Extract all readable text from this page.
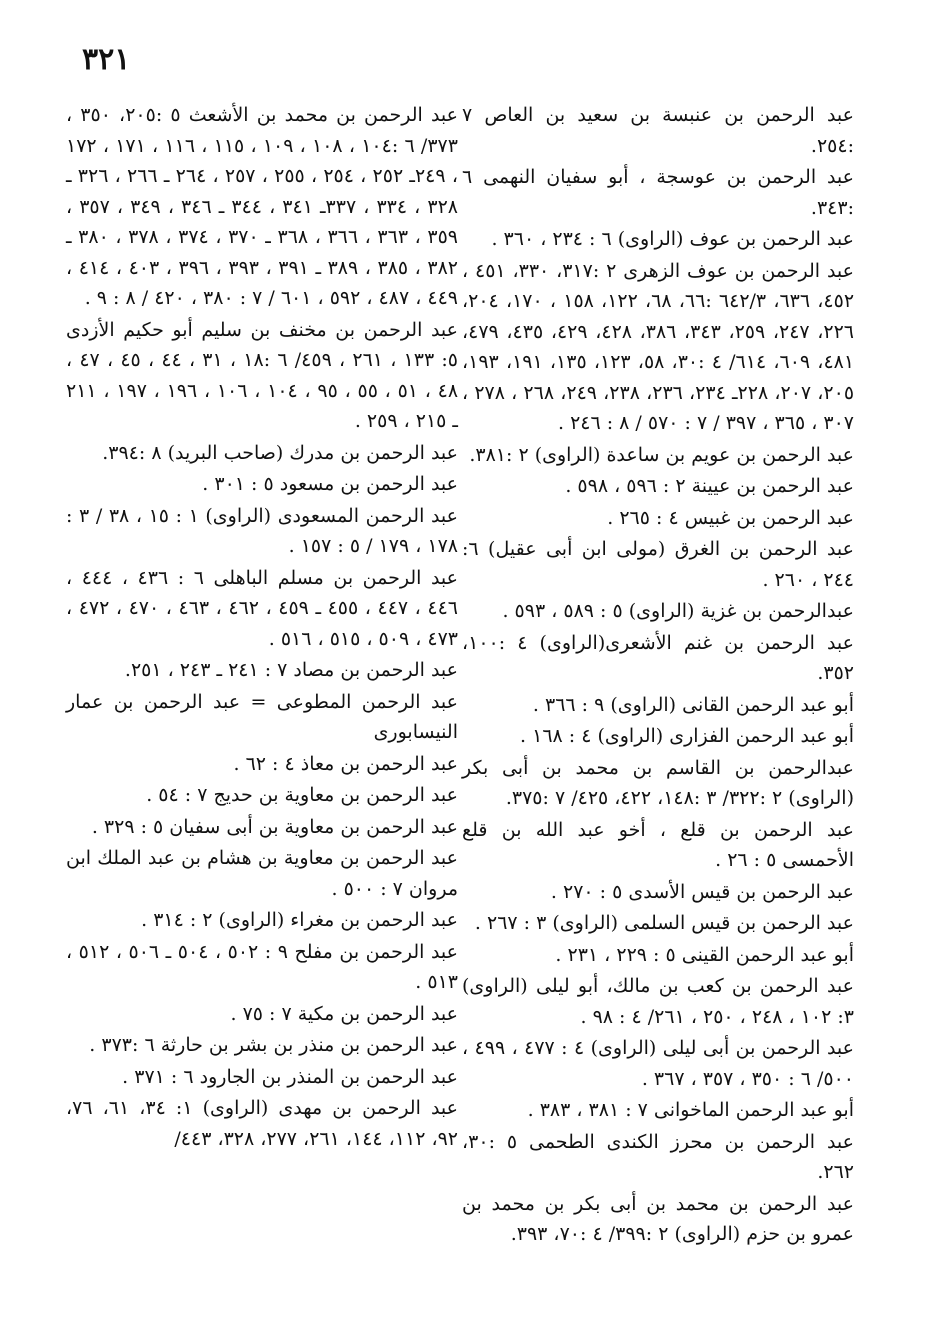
٣٢١

عبد الرحمن بن عنبسة بن سعيد بن العاص ٧ :٢٥٤.

عبد الرحمن بن عوسجة ، أبو سفيان النهمى ٦ :٣٤٣.

عبد الرحمن بن عوف (الراوى) ٦ : ٢٣٤ ، ٣٦٠ .

عبد الرحمن بن عوف الزهرى ٢ :٣١٧، ٣٣٠، ٤٥١ ، ٤٥٢، ٦٣٦، ٦٤٢/٣ :٦٦، ٦٨، ١٢٢، ١٥٨ ، ١٧٠، ٢٠٤، ٢٢٦، ٢٤٧، ٢٥٩، ٣٤٣، ٣٨٦، ٤٢٨، ٤٢٩، ٤٣٥، ٤٧٩، ٤٨١، ٦٠٩، ٦١٤/ ٤ :٣٠، ٥٨، ١٢٣، ١٣٥، ١٩١، ١٩٣، ٢٠٥، ٢٠٧، ٢٢٨ـ ٢٣٤، ٢٣٦، ٢٣٨، ٢٤٩، ٢٦٨ ، ٢٧٨ ، ٣٠٧ ، ٣٦٥ ، ٣٩٧ / ٧ : ٥٧٠ / ٨ : ٢٤٦ .

عبد الرحمن بن عويم بن ساعدة (الراوى) ٢ :٣٨١.

عبد الرحمن بن عيينة ٢ : ٥٩٦ ، ٥٩٨ .

عبد الرحمن بن غبيس ٤ : ٢٦٥ .

عبد الرحمن بن الغرق (مولى ابن أبى عقيل) ٦: ٢٤٤ ، ٢٦٠ .

عبدالرحمن بن غزية (الراوى) ٥ : ٥٨٩ ، ٥٩٣ .

عبد الرحمن بن غنم الأشعرى(الراوى) ٤ :١٠٠، ٣٥٢.

أبو عبد الرحمن القانى (الراوى) ٩ : ٣٦٦ .

أبو عبد الرحمن الفزارى (الراوى) ٤ : ١٦٨ .

عبدالرحمن بن القاسم بن محمد بن أبى بكر (الراوى) ٢ :٣٢٢/ ٣ :١٤٨، ٤٢٢، ٤٢٥/ ٧ :٣٧٥.

عبد الرحمن بن قلع ، أخو عبد الله بن قلع الأحمسى ٥ : ٢٦ .

عبد الرحمن بن قيس الأسدى ٥ : ٢٧٠ .

عبد الرحمن بن قيس السلمى (الراوى) ٣ : ٢٦٧ .

أبو عبد الرحمن القينى ٥ : ٢٢٩ ، ٢٣١ .

عبد الرحمن بن كعب بن مالك، أبو ليلى (الراوى) ٣: ١٠٢ ، ٢٤٨ ، ٢٥٠ ، ٢٦١/ ٤ : ٩٨ .

عبد الرحمن بن أبى ليلى (الراوى) ٤ : ٤٧٧ ، ٤٩٩ ، ٥٠٠/ ٦ : ٣٥٠ ، ٣٥٧ ، ٣٦٧ .

أبو عبد الرحمن الماخوانى ٧ : ٣٨١ ، ٣٨٣ .

عبد الرحمن بن محرز الكندى الطحمى ٥ :٣٠، ٢٦٢.

عبد الرحمن بن محمد بن أبى بكر بن محمد بن عمرو بن حزم (الراوى) ٢ :٣٩٩/ ٤ :٧٠، ٣٩٣.

عبد الرحمن بن محمد بن الأشعث ٥ :٢٠٥، ٣٥٠ ، ٣٧٣/ ٦ :١٠٤ ، ١٠٨ ، ١٠٩ ، ١١٥ ، ١١٦ ، ١٧١ ، ١٧٢ ، ٢٤٩ـ ٢٥٢ ، ٢٥٤ ، ٢٥٥ ، ٢٥٧ ، ٢٦٤ ـ ٢٦٦ ، ٣٢٦ ـ ٣٢٨ ، ٣٣٤ ، ٣٣٧ـ ٣٤١ ، ٣٤٤ ـ ٣٤٦ ، ٣٤٩ ، ٣٥٧ ، ٣٥٩ ، ٣٦٣ ، ٣٦٦ ، ٣٦٨ ـ ٣٧٠ ، ٣٧٤ ، ٣٧٨ ، ٣٨٠ ـ ٣٨٢ ، ٣٨٥ ، ٣٨٩ ـ ٣٩١ ، ٣٩٣ ، ٣٩٦ ، ٤٠٣ ، ٤١٤ ، ٤٤٩ ، ٤٨٧ ، ٥٩٢ ، ٦٠١ / ٧ : ٣٨٠ ، ٤٢٠ / ٨ : ٩ .

عبد الرحمن بن مخنف بن سليم أبو حكيم الأزدى ٥: ١٣٣ ، ٢٦١ ، ٤٥٩/ ٦ :١٨ ، ٣١ ، ٤٤ ، ٤٥ ، ٤٧ ، ٤٨ ، ٥١ ، ٥٥ ، ٩٥ ، ١٠٤ ، ١٠٦ ، ١٩٦ ، ١٩٧ ، ٢١١ ـ ٢١٥ ، ٢٥٩ .

عبد الرحمن بن مدرك (صاحب البريد) ٨ :٣٩٤.

عبد الرحمن بن مسعود ٥ : ٣٠١ .

عبد الرحمن المسعودى (الراوى) ١ : ١٥ ، ٣٨ / ٣ : ١٧٨ ، ١٧٩ / ٥ : ١٥٧ .

عبد الرحمن بن مسلم الباهلى ٦ : ٤٣٦ ، ٤٤٤ ، ٤٤٦ ، ٤٤٧ ، ٤٥٥ ـ ٤٥٩ ، ٤٦٢ ، ٤٦٣ ، ٤٧٠ ، ٤٧٢ ، ٤٧٣ ، ٥٠٩ ، ٥١٥ ، ٥١٦ .

عبد الرحمن بن مصاد ٧ : ٢٤١ ـ ٢٤٣ ، ٢٥١.

عبد الرحمن المطوعى = عبد الرحمن بن عمار النيسابورى

عبد الرحمن بن معاذ ٤ : ٦٢ .

عبد الرحمن بن معاوية بن حديج ٧ : ٥٤ .

عبد الرحمن بن معاوية بن أبى سفيان ٥ : ٣٢٩ .

عبد الرحمن بن معاوية بن هشام بن عبد الملك ابن مروان ٧ : ٥٠٠ .

عبد الرحمن بن مغراء (الراوى) ٢ : ٣١٤ .

عبد الرحمن بن مفلح ٩ : ٥٠٢ ، ٥٠٤ ـ ٥٠٦ ، ٥١٢ ، ٥١٣ .

عبد الرحمن بن مكية ٧ : ٧٥ .

عبد الرحمن بن منذر بن بشر بن حارثة ٦ :٣٧٣ .

عبد الرحمن بن المنذر بن الجارود ٦ : ٣٧١ .

عبد الرحمن بن مهدى (الراوى) ١: ٣٤، ٦١، ٧٦، ٩٢، ١١٢، ١٤٤، ٢٦١، ٢٧٧، ٣٢٨، ٤٤٣/
